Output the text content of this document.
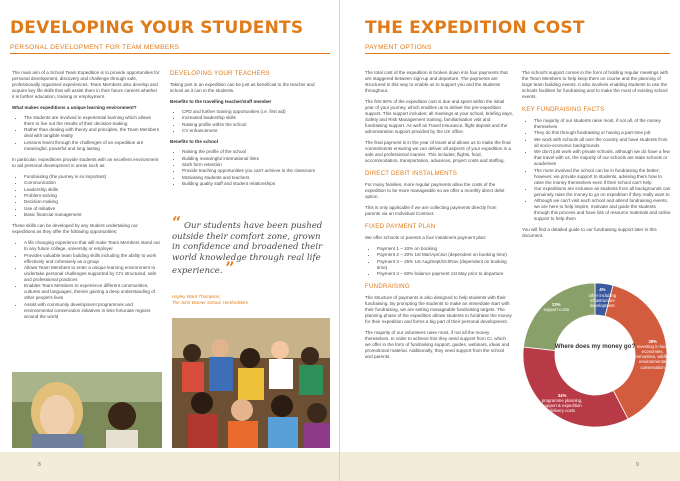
DEVELOPING YOUR STUDENTS
PERSONAL DEVELOPMENT FOR TEAM MEMBERS

The main aim of a School Team Expedition is to provide opportunities for personal development, discovery and challenge through safe, professionally organised experiences. Team Members also develop and acquire key life skills that will assist them in their future careers whether it is further education, training or employment.

What makes expeditions a unique learning environment?

• The students are involved in experiential learning which allows them to live out the results of their decision-making
• Rather than dealing with theory and principles, the Team Members deal with tangible reality
• Lessons learnt through the challenges of an expedition are meaningful, powerful and long lasting

In particular, expeditions provide students with an excellent environment to aid personal development in areas such as:

• Fundraising (the journey is so important)
• Communication
• Leadership skills
• Problem-solving
• Decision-making
• Use of initiative
• Basic financial management

These skills can be developed by any student undertaking our expeditions as they offer the following opportunities:

• A life changing experience that will make Team Members stand out to any future college, university or employer
• Provides valuable team building skills including the ability to work effectively and cohesively as a group
• Allows Team Members to enter a unique learning environment to undertake personal challenges supported by CI's structured, safe and professional practices
• Enables Team Members to experience different communities, cultures and languages, therein gaining a deep understanding of other people's lives
• Assist with community development programmes and environmental conservation initiatives in less fortunate regions around the world
DEVELOPING YOUR TEACHERS

Taking part in an expedition can be just as beneficial to the teacher and school as it can to the students.

Benefits to the travelling teacher/staff member

• CPD and further training opportunities (i.e. first aid)
• Increased leadership skills
• Raising profile within the school
• CV enhancement

Benefits to the school

• Raising the profile of the school
• Building meaningful international links
• Sixth form retention
• Provide teaching opportunities you can't achieve in the classroom
• Motivating students and teachers
• Building quality staff and student relationships
“ Our students have been pushed outside their comfort zone, grown in confidence and broadened their world knowledge through real life experience. ”
Hayley Ward-Thompson,
The John Warner School, Hertfordshire
8
THE EXPEDITION COST
PAYMENT OPTIONS

The total cost of the expedition is broken down into four payments that are staggered between sign-up and departure. The payments are structured in this way to enable us to support you and the students throughout.

The first 90% of the expedition cost is due and spent within the initial year of your journey, which enables us to deliver the pre-expedition support. This support includes; all meetings at your school, briefing days, Safety and Risk Management training, familiarisation visit and fundraising support. As well as Travel Insurance, flight deposit and the administration support provided by the UK office.

The final payment is in the year of travel and allows us to make the final commitments ensuring we can deliver all aspects of your expedition in a safe and professional manner. This includes; flights, food, accommodation, transportation, advances, project costs and staffing.

DIRECT DEBIT INSTALMENTS

For many families, more regular payments allow the costs of the expedition to be more manageable so we offer a monthly direct debit option.

This is only applicable if we are collecting payments directly from parents via an Individual Contract.

FIXED PAYMENT PLAN

We offer schools or parents a four instalment payment plan:

• Payment 1 – 10% on booking
• Payment 2 – 20% 1st Mar/Apr/Jun (dependent on booking time)
• Payment 3 – 25% 1st Aug/Sept/Oct/Nov (dependent on booking time)
• Payment 4 – 50% balance payment 1st May prior to departure
FUNDRAISING

The structure of payments is also designed to help students with their fundraising. By prompting the students to make an immediate start with their fundraising, we are setting manageable fundraising targets. The planning phase of the expedition allows students to fundraise the money for their expedition and forms a big part of their personal development.

The majority of our volunteers raise most, if not all the money themselves. In order to achieve this they need support from CI, which we offer in the form of fundraising support, guides, webinars, ideas and promotional material. Additionally, they need support from the school and parents.

The school's support comes in the form of holding regular meetings with the Team Members to help keep them on course and the planning of large team building events. It also involves enabling students to use the schools facilities for fundraising and to make the most of existing school events.

KEY FUNDRAISING FACTS
• The majority of our students raise most, if not all, of the money themselves
• They do this through fundraising or having a part-time job
• We work with schools all over the country and have students from all socio-economic backgrounds
• We don't just work with private schools, although we do have a few that travel with us, the majority of our schools are state schools or academies
• The more involved the school can be in fundraising the better; however, we provide support to students, advising them how to raise the money themselves even if their school can't help
• Our expeditions are inclusive as students from all backgrounds can genuinely raise the money to go on expedition if they really want to
• Although we can't visit each school and attend fundraising events, we are here to help inspire, motivate and guide the students through this process and have lots of resource materials and online support to help them

You will find a detailed guide to our fundraising support later in this document.

9
4%
other including infrastructure development
38%
Investing in local economies, communities, wildlife & environmental conservation
34%
programme planning, support & expedition delivery costs
23%
support costs
Where does my money go?
